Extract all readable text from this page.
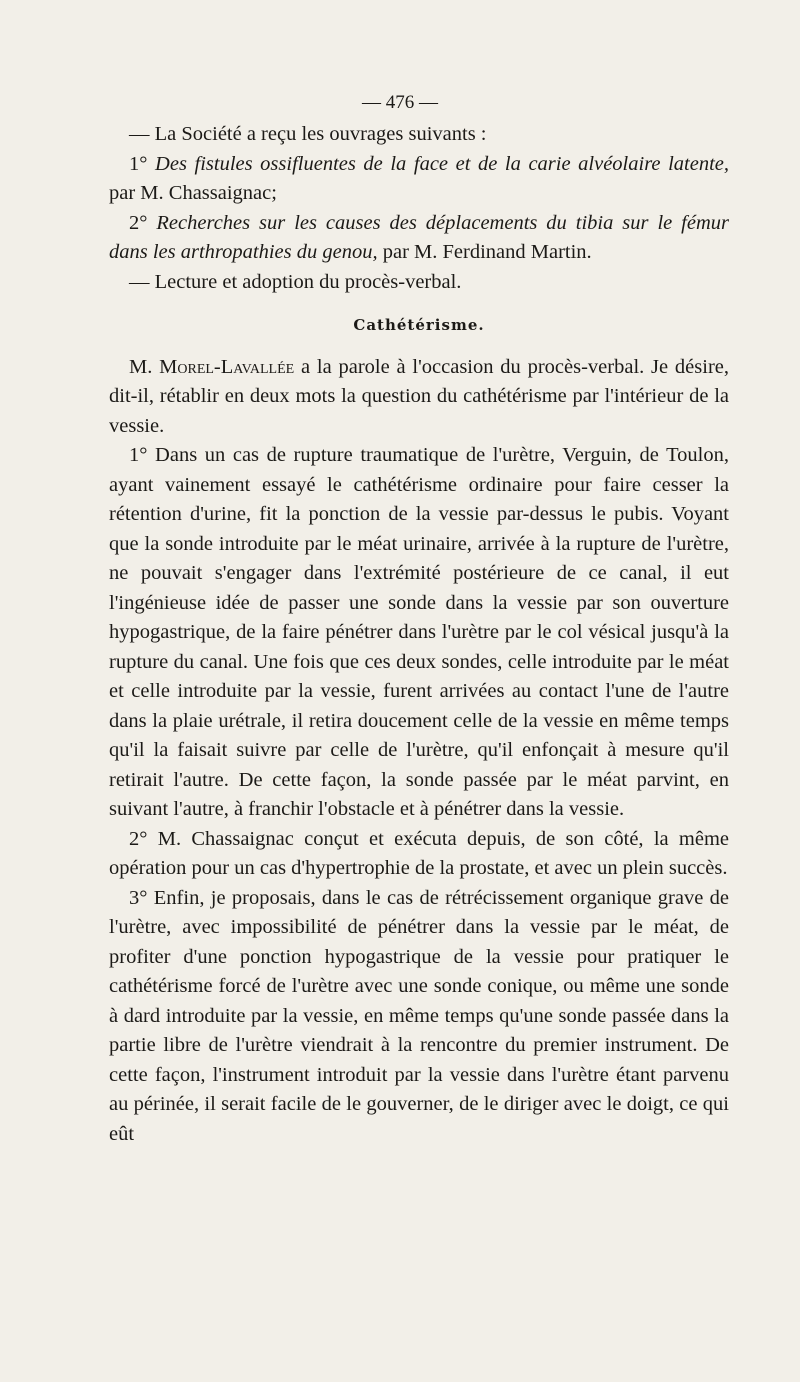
— 476 —

— La Société a reçu les ouvrages suivants :

1° Des fistules ossifluentes de la face et de la carie alvéolaire latente, par M. Chassaignac;

2° Recherches sur les causes des déplacements du tibia sur le fémur dans les arthropathies du genou, par M. Ferdinand Martin.

— Lecture et adoption du procès-verbal.

Cathétérisme.

M. Morel-Lavallée a la parole à l'occasion du procès-verbal. Je désire, dit-il, rétablir en deux mots la question du cathétérisme par l'intérieur de la vessie.

1° Dans un cas de rupture traumatique de l'urètre, Verguin, de Toulon, ayant vainement essayé le cathétérisme ordinaire pour faire cesser la rétention d'urine, fit la ponction de la vessie par-dessus le pubis. Voyant que la sonde introduite par le méat urinaire, arrivée à la rupture de l'urètre, ne pouvait s'engager dans l'extrémité postérieure de ce canal, il eut l'ingénieuse idée de passer une sonde dans la vessie par son ouverture hypogastrique, de la faire pénétrer dans l'urètre par le col vésical jusqu'à la rupture du canal. Une fois que ces deux sondes, celle introduite par le méat et celle introduite par la vessie, furent arrivées au contact l'une de l'autre dans la plaie urétrale, il retira doucement celle de la vessie en même temps qu'il la faisait suivre par celle de l'urètre, qu'il enfonçait à mesure qu'il retirait l'autre. De cette façon, la sonde passée par le méat parvint, en suivant l'autre, à franchir l'obstacle et à pénétrer dans la vessie.

2° M. Chassaignac conçut et exécuta depuis, de son côté, la même opération pour un cas d'hypertrophie de la prostate, et avec un plein succès.

3° Enfin, je proposais, dans le cas de rétrécissement organique grave de l'urètre, avec impossibilité de pénétrer dans la vessie par le méat, de profiter d'une ponction hypogastrique de la vessie pour pratiquer le cathétérisme forcé de l'urètre avec une sonde conique, ou même une sonde à dard introduite par la vessie, en même temps qu'une sonde passée dans la partie libre de l'urètre viendrait à la rencontre du premier instrument. De cette façon, l'instrument introduit par la vessie dans l'urètre étant parvenu au périnée, il serait facile de le gouverner, de le diriger avec le doigt, ce qui eût
